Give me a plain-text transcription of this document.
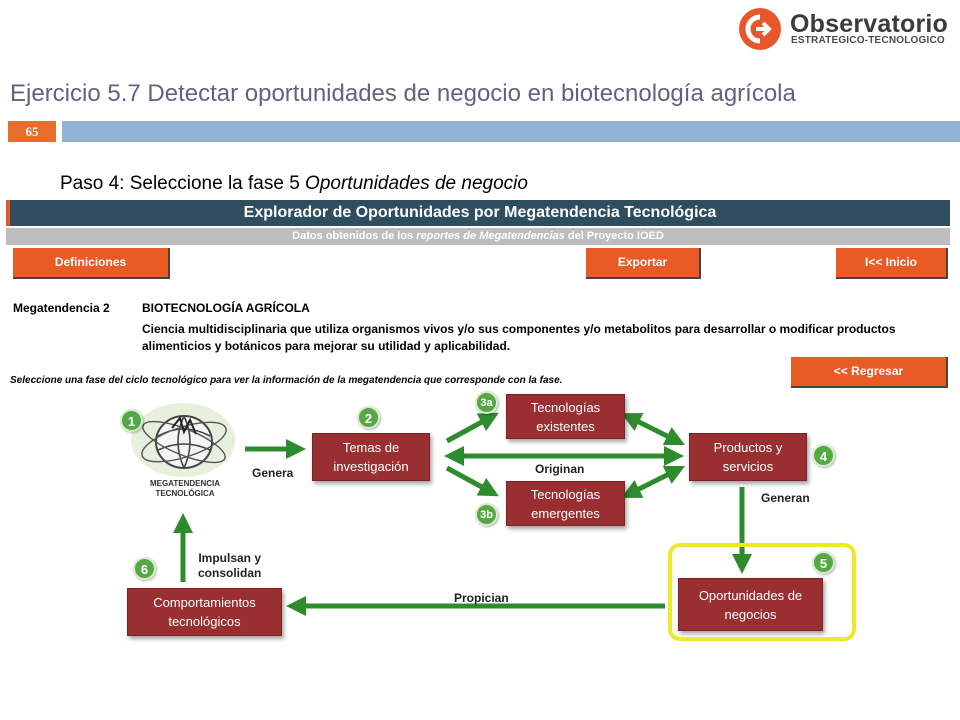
Observatorio
ESTRATEGICO-TECNOLOGICO
Ejercicio 5.7 Detectar oportunidades de negocio en biotecnología agrícola
65
Paso 4: Seleccione la fase 5 Oportunidades de negocio
Explorador de Oportunidades por Megatendencia Tecnológica
Datos obtenidos de los reportes de Megatendencias del Proyecto IOED
Definiciones	Exportar	I<< Inicio
Megatendencia 2	BIOTECNOLOGÍA AGRÍCOLA
Ciencia multidisciplinaria que utiliza organismos vivos y/o sus componentes y/o metabolitos para desarrollar o modificar productos alimenticios y botánicos para mejorar su utilidad y aplicabilidad.
<< Regresar
Seleccione una fase del ciclo tecnológico para ver la información de la megatendencia que corresponde con la fase.
MEGATENDENCIA
TECNOLÓGICA
Temas de
investigación
Tecnologías
existentes
Tecnologías
emergentes
Productos y
servicios
Oportunidades de
negocios
Comportamientos
tecnológicos
1	2
3a
3b
4
5
6
Genera	Originan
Generan
Propician
Impulsan y
consolidan
